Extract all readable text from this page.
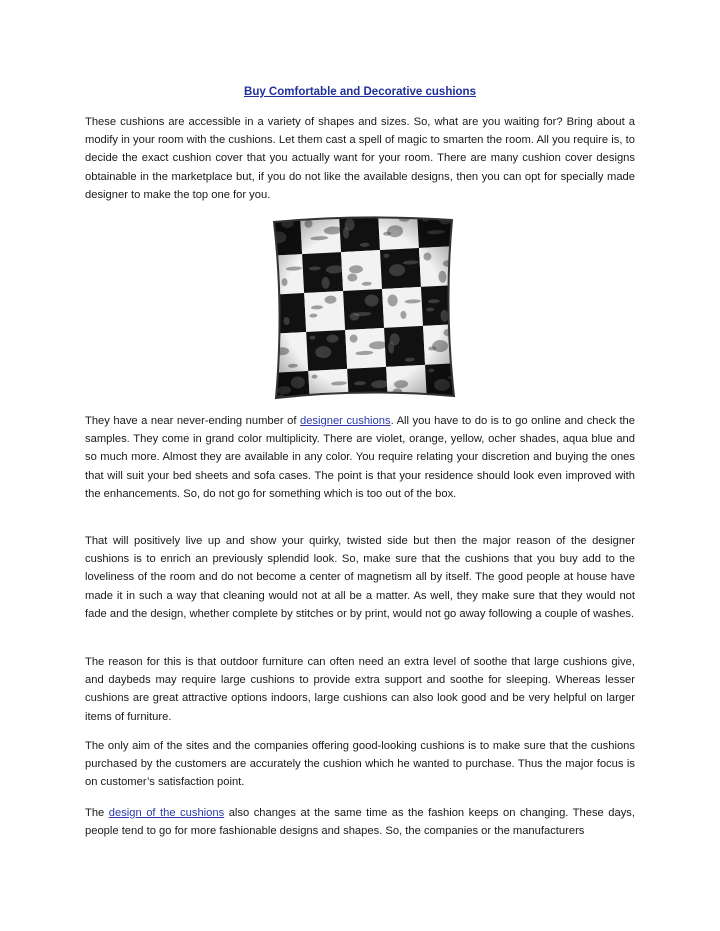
Buy Comfortable and Decorative cushions

These cushions are accessible in a variety of shapes and sizes. So, what are you waiting for? Bring about a modify in your room with the cushions. Let them cast a spell of magic to smarten the room. All you require is, to decide the exact cushion cover that you actually want for your room. There are many cushion cover designs obtainable in the marketplace but, if you do not like the available designs, then you can opt for specially made designer to make the top one for you.

They have a near never-ending number of designer cushions. All you have to do is to go online and check the samples. They come in grand color multiplicity. There are violet, orange, yellow, ocher shades, aqua blue and so much more. Almost they are available in any color. You require relating your discretion and buying the ones that will suit your bed sheets and sofa cases. The point is that your residence should look even improved with the enhancements. So, do not go for something which is too out of the box.

That will positively live up and show your quirky, twisted side but then the major reason of the designer cushions is to enrich an previously splendid look. So, make sure that the cushions that you buy add to the loveliness of the room and do not become a center of magnetism all by itself. The good people at house have made it in such a way that cleaning would not at all be a matter. As well, they make sure that they would not fade and the design, whether complete by stitches or by print, would not go away following a couple of washes.

The reason for this is that outdoor furniture can often need an extra level of soothe that large cushions give, and daybeds may require large cushions to provide extra support and soothe for sleeping. Whereas lesser cushions are great attractive options indoors, large cushions can also look good and be very helpful on larger items of furniture.

The only aim of the sites and the companies offering good-looking cushions is to make sure that the cushions purchased by the customers are accurately the cushion which he wanted to purchase. Thus the major focus is on customer’s satisfaction point.

The design of the cushions also changes at the same time as the fashion keeps on changing. These days, people tend to go for more fashionable designs and shapes. So, the companies or the manufacturers
